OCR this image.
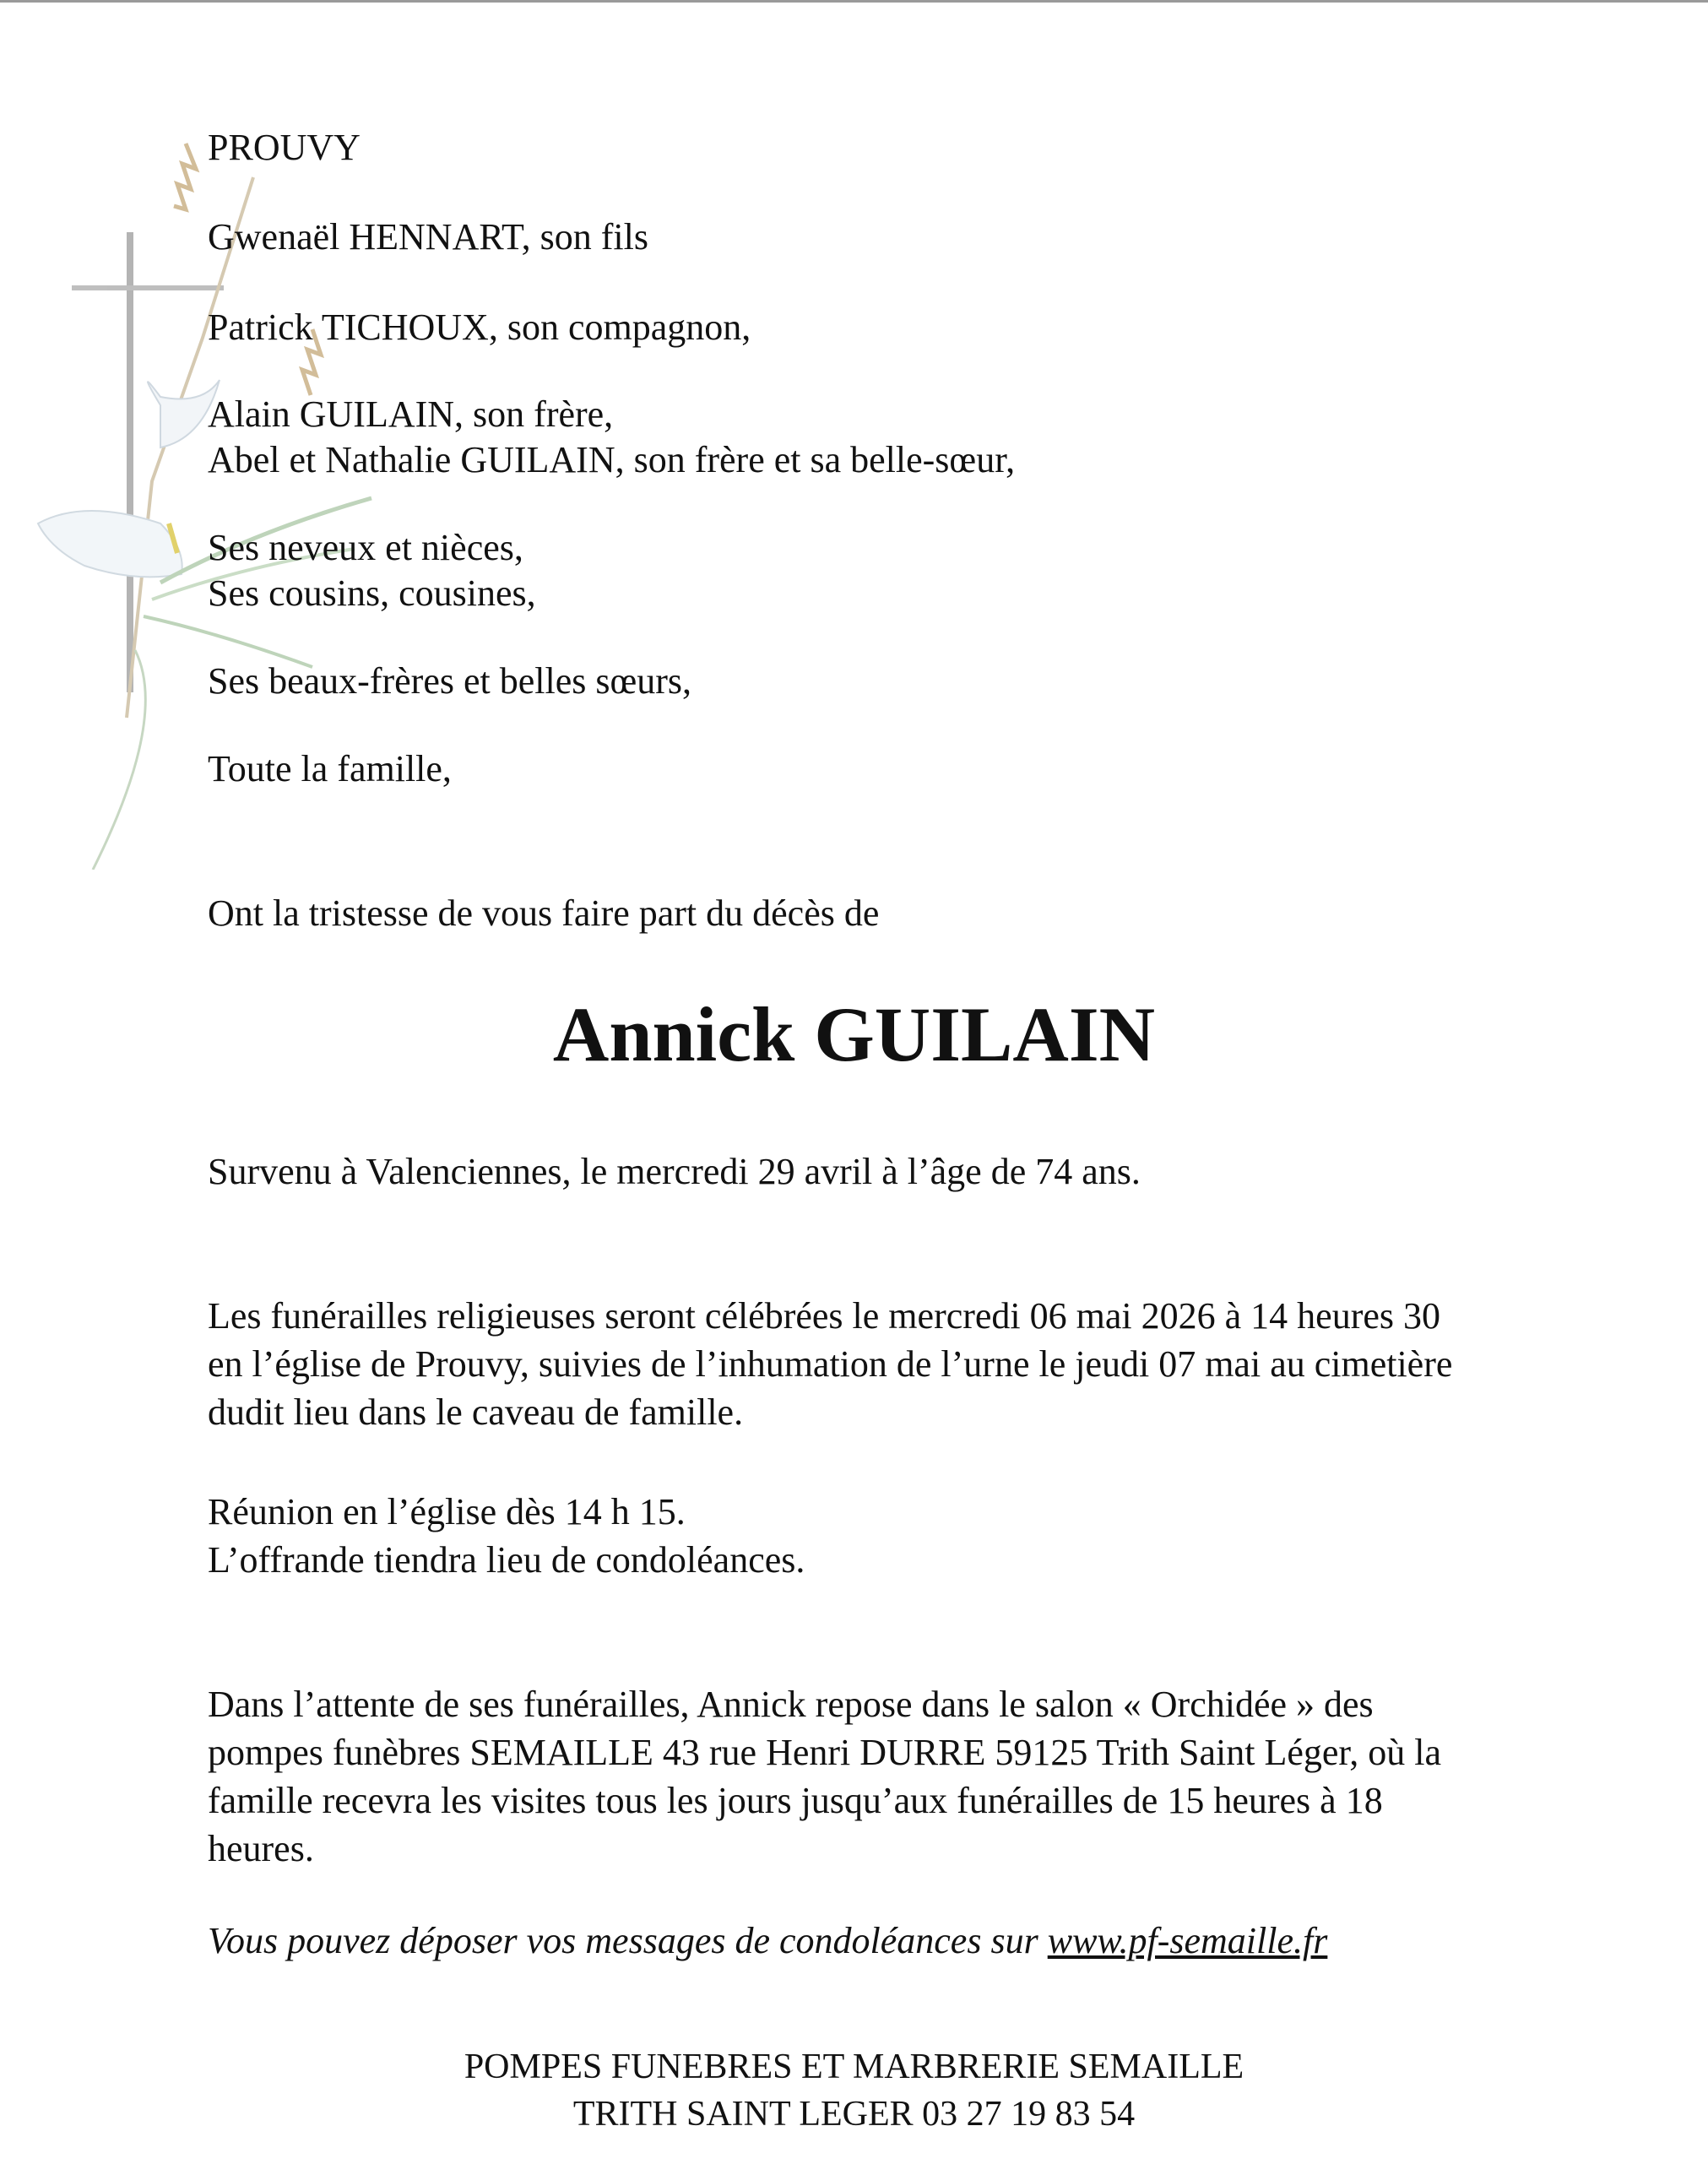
PROUVY

Gwenaël HENNART, son fils

Patrick TICHOUX, son compagnon,

Alain GUILAIN, son frère,

Abel et Nathalie GUILAIN, son frère et sa belle-sœur,

Ses neveux et nièces,

Ses cousins, cousines,

Ses beaux-frères et belles sœurs,

Toute la famille,

Ont la tristesse de vous faire part du décès de

Annick GUILAIN

Survenu à Valenciennes, le mercredi 29 avril à l’âge de 74 ans.

Les funérailles religieuses seront célébrées le mercredi 06 mai 2026 à 14 heures 30
en l’église de Prouvy, suivies de l’inhumation de l’urne le jeudi 07 mai au cimetière
dudit lieu dans le caveau de famille.
Réunion en l’église dès 14 h 15.
L’offrande tiendra lieu de condoléances.
Dans l’attente de ses funérailles, Annick repose dans le salon « Orchidée » des
pompes funèbres SEMAILLE 43 rue Henri DURRE 59125 Trith Saint Léger, où la
famille recevra les visites tous les jours jusqu’aux funérailles de 15 heures à 18
heures.

Vous pouvez déposer vos messages de condoléances sur www.pf-semaille.fr

POMPES FUNEBRES ET MARBRERIE SEMAILLE
TRITH SAINT LEGER 03 27 19 83 54
